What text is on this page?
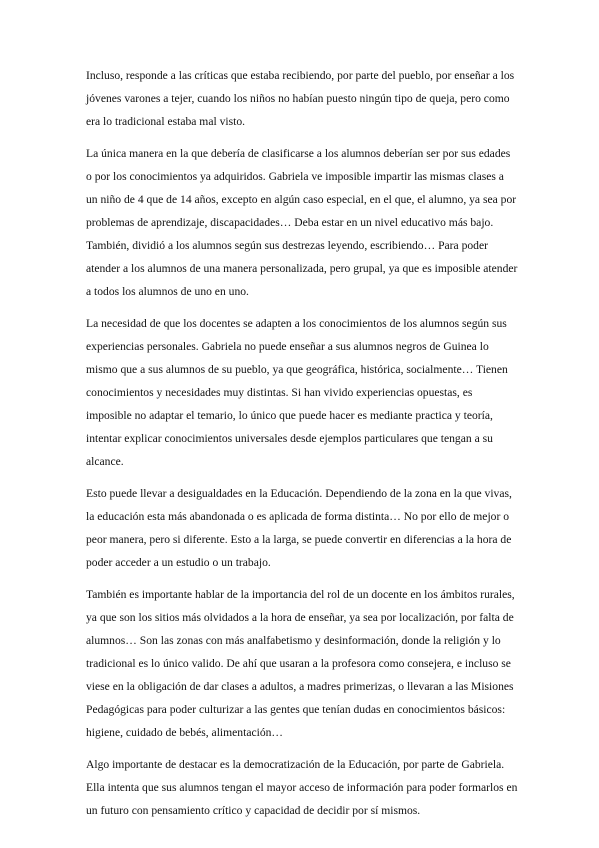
Incluso, responde a las críticas que estaba recibiendo, por parte del pueblo, por enseñar a los jóvenes varones a tejer, cuando los niños no habían puesto ningún tipo de queja, pero como era lo tradicional estaba mal visto.

La única manera en la que debería de clasificarse a los alumnos deberían ser por sus edades o por los conocimientos ya adquiridos. Gabriela ve imposible impartir las mismas clases a un niño de 4 que de 14 años, excepto en algún caso especial, en el que, el alumno, ya sea por problemas de aprendizaje, discapacidades… Deba estar en un nivel educativo más bajo. También, dividió a los alumnos según sus destrezas leyendo, escribiendo… Para poder atender a los alumnos de una manera personalizada, pero grupal, ya que es imposible atender a todos los alumnos de uno en uno.

La necesidad de que los docentes se adapten a los conocimientos de los alumnos según sus experiencias personales. Gabriela no puede enseñar a sus alumnos negros de Guinea lo mismo que a sus alumnos de su pueblo, ya que geográfica, histórica, socialmente… Tienen conocimientos y necesidades muy distintas. Si han vivido experiencias opuestas, es imposible no adaptar el temario, lo único que puede hacer es mediante practica y teoría, intentar explicar conocimientos universales desde ejemplos particulares que tengan a su alcance.

Esto puede llevar a desigualdades en la Educación. Dependiendo de la zona en la que vivas, la educación esta más abandonada o es aplicada de forma distinta… No por ello de mejor o peor manera, pero si diferente. Esto a la larga, se puede convertir en diferencias a la hora de poder acceder a un estudio o un trabajo.

También es importante hablar de la importancia del rol de un docente en los ámbitos rurales, ya que son los sitios más olvidados a la hora de enseñar, ya sea por localización, por falta de alumnos… Son las zonas con más analfabetismo y desinformación, donde la religión y lo tradicional es lo único valido. De ahí que usaran a la profesora como consejera, e incluso se viese en la obligación de dar clases a adultos, a madres primerizas, o llevaran a las Misiones Pedagógicas para poder culturizar a las gentes que tenían dudas en conocimientos básicos: higiene, cuidado de bebés, alimentación…

Algo importante de destacar es la democratización de la Educación, por parte de Gabriela. Ella intenta que sus alumnos tengan el mayor acceso de información para poder formarlos en un futuro con pensamiento crítico y capacidad de decidir por sí mismos.
